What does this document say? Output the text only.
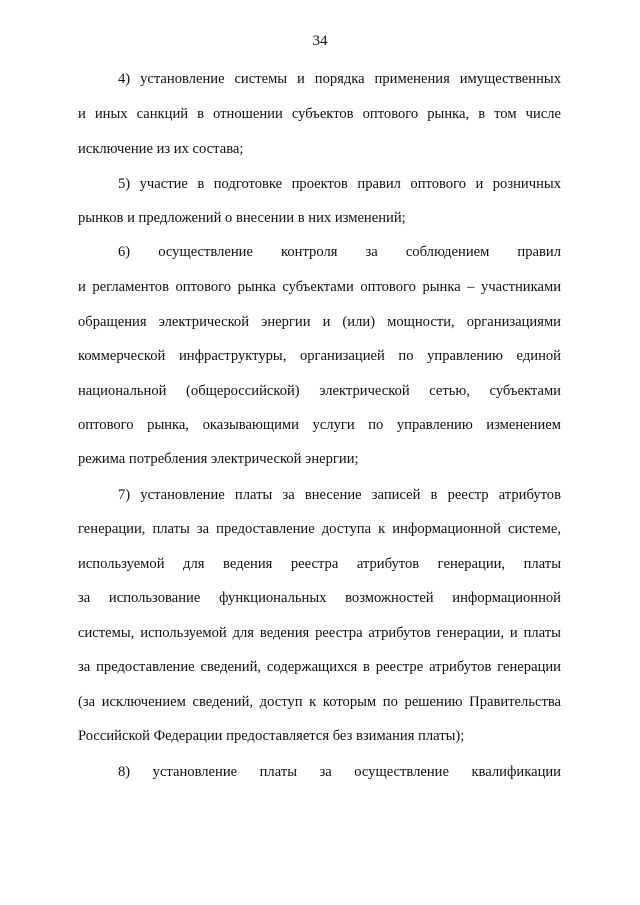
34
4) установление системы и порядка применения имущественных
и иных санкций в отношении субъектов оптового рынка, в том числе
исключение из их состава;
5) участие в подготовке проектов правил оптового и розничных
рынков и предложений о внесении в них изменений;
6) осуществление контроля за соблюдением правил
и регламентов оптового рынка субъектами оптового рынка – участниками
обращения электрической энергии и (или) мощности, организациями
коммерческой инфраструктуры, организацией по управлению единой
национальной (общероссийской) электрической сетью, субъектами
оптового рынка, оказывающими услуги по управлению изменением
режима потребления электрической энергии;
7) установление платы за внесение записей в реестр атрибутов
генерации, платы за предоставление доступа к информационной системе,
используемой для ведения реестра атрибутов генерации, платы
за использование функциональных возможностей информационной
системы, используемой для ведения реестра атрибутов генерации, и платы
за предоставление сведений, содержащихся в реестре атрибутов генерации
(за исключением сведений, доступ к которым по решению Правительства
Российской Федерации предоставляется без взимания платы);
8) установление платы за осуществление квалификации
